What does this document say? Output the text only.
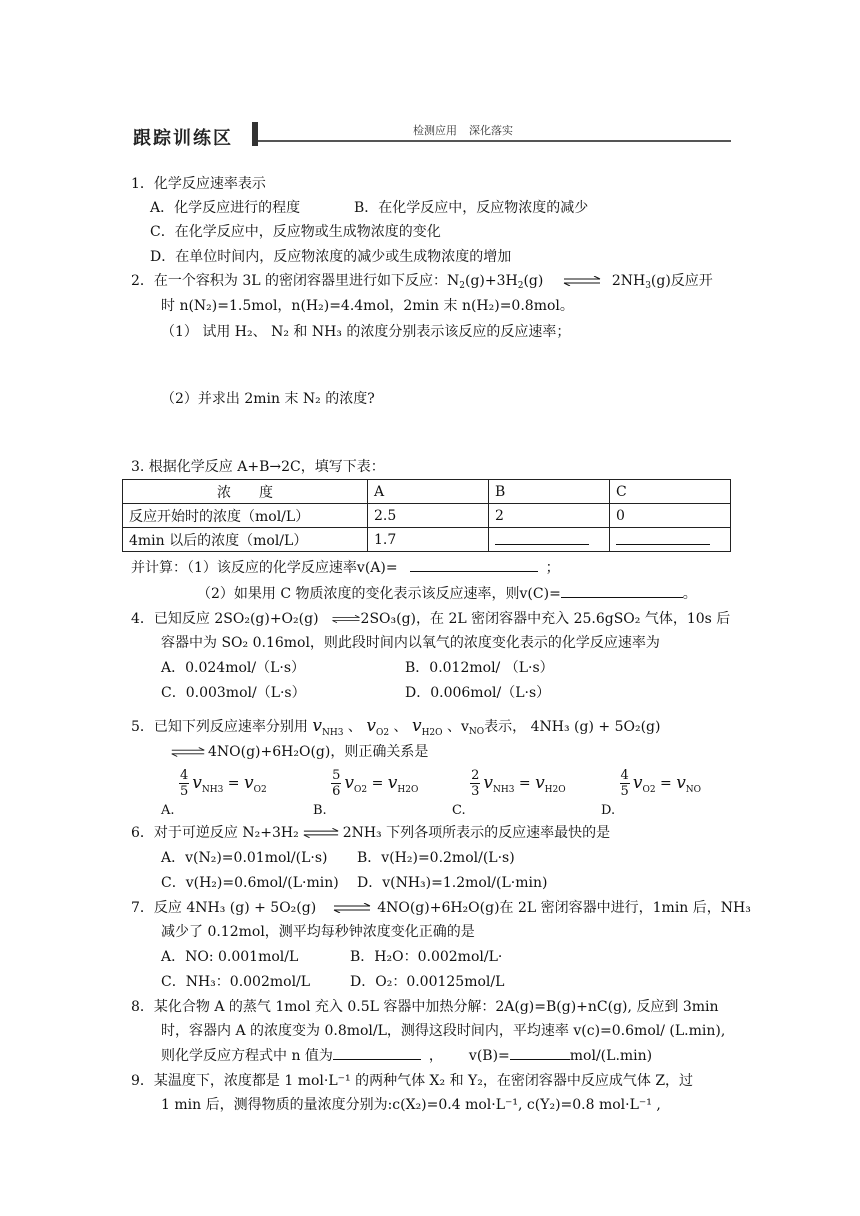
跟踪训练区	检测应用 深化落实
1．化学反应速率表示
A．化学反应进行的程度	B．在化学反应中，反应物浓度的减少
C．在化学反应中，反应物或生成物浓度的变化
D．在单位时间内，反应物浓度的减少或生成物浓度的增加
2．在一个容积为 3L 的密闭容器里进行如下反应：$N_2(g)+3H_2(g)$	$2NH_3(g)$反应开
时 n(N₂)=1.5mol，n(H₂)=4.4mol，2min 末 n(H₂)=0.8mol。
（1） 试用 H₂、 N₂ 和 NH₃ 的浓度分别表示该反应的反应速率；
（2）并求出 2min 末 N₂ 的浓度?
3. 根据化学反应 A+B→2C，填写下表：
浓　　度	A	B	C
反应开始时的浓度（mol/L）	2.5	2	0
4min 以后的浓度（mol/L）	1.7		
并计算：（1）该反应的化学反应速率v(A)=	；
（2）如果用 C 物质浓度的变化表示该反应速率，则v(C)=	。
4．已知反应 2SO₂(g)+O₂(g)	2SO₃(g)，在 2L 密闭容器中充入 25.6gSO₂ 气体，10s 后
容器中为 SO₂ 0.16mol，则此段时间内以氧气的浓度变化表示的化学反应速率为
A．0.024mol/（L·s）	B．0.012mol/ （L·s）
C．0.003mol/（L·s）	D．0.006mol/（L·s）
5．已知下列反应速率分别用 $v_{NH3}$ 、 $v_{O2}$ 、 $v_{H2O}$ 、$v_{NO}$表示， 4NH₃ (g) + 5O₂(g)
4NO(g)+6H₂O(g)，则正确关系是
A.
$\frac{4}{5} v_{NH3} = v_{O2}$
B.
$\frac{5}{6} v_{O2} = v_{H2O}$
C.
$\frac{2}{3} v_{NH3} = v_{H2O}$
D.
$\frac{4}{5} v_{O2} = v_{NO}$
6．对于可逆反应 N₂+3H₂	2NH₃ 下列各项所表示的反应速率最快的是
A．v(N₂)=0.01mol/(L·s) B．v(H₂)=0.2mol/(L·s)
C．v(H₂)=0.6mol/(L·min) D．v(NH₃)=1.2mol/(L·min)
7．反应 4NH₃ (g) + 5O₂(g)	4NO(g)+6H₂O(g)在 2L 密闭容器中进行，1min 后，NH₃
减少了 0.12mol，测平均每秒钟浓度变化正确的是
A．NO: 0.001mol/L	B．H₂O：0.002mol/L·
C．NH₃：0.002mol/L	D．O₂：0.00125mol/L
8．某化合物 A 的蒸气 1mol 充入 0.5L 容器中加热分解：2A(g)=B(g)+nC(g), 反应到 3min
时，容器内 A 的浓度变为 0.8mol/L，测得这段时间内，平均速率 v(c)=0.6mol/ (L.min),
则化学反应方程式中 n 值为	， v(B)=	mol/(L.min)
9．某温度下，浓度都是 1 mol·L⁻¹ 的两种气体 X₂ 和 Y₂，在密闭容器中反应成气体 Z，过
1 min 后，测得物质的量浓度分别为:c(X₂)=0.4 mol·L⁻¹, c(Y₂)=0.8 mol·L⁻¹ ,
